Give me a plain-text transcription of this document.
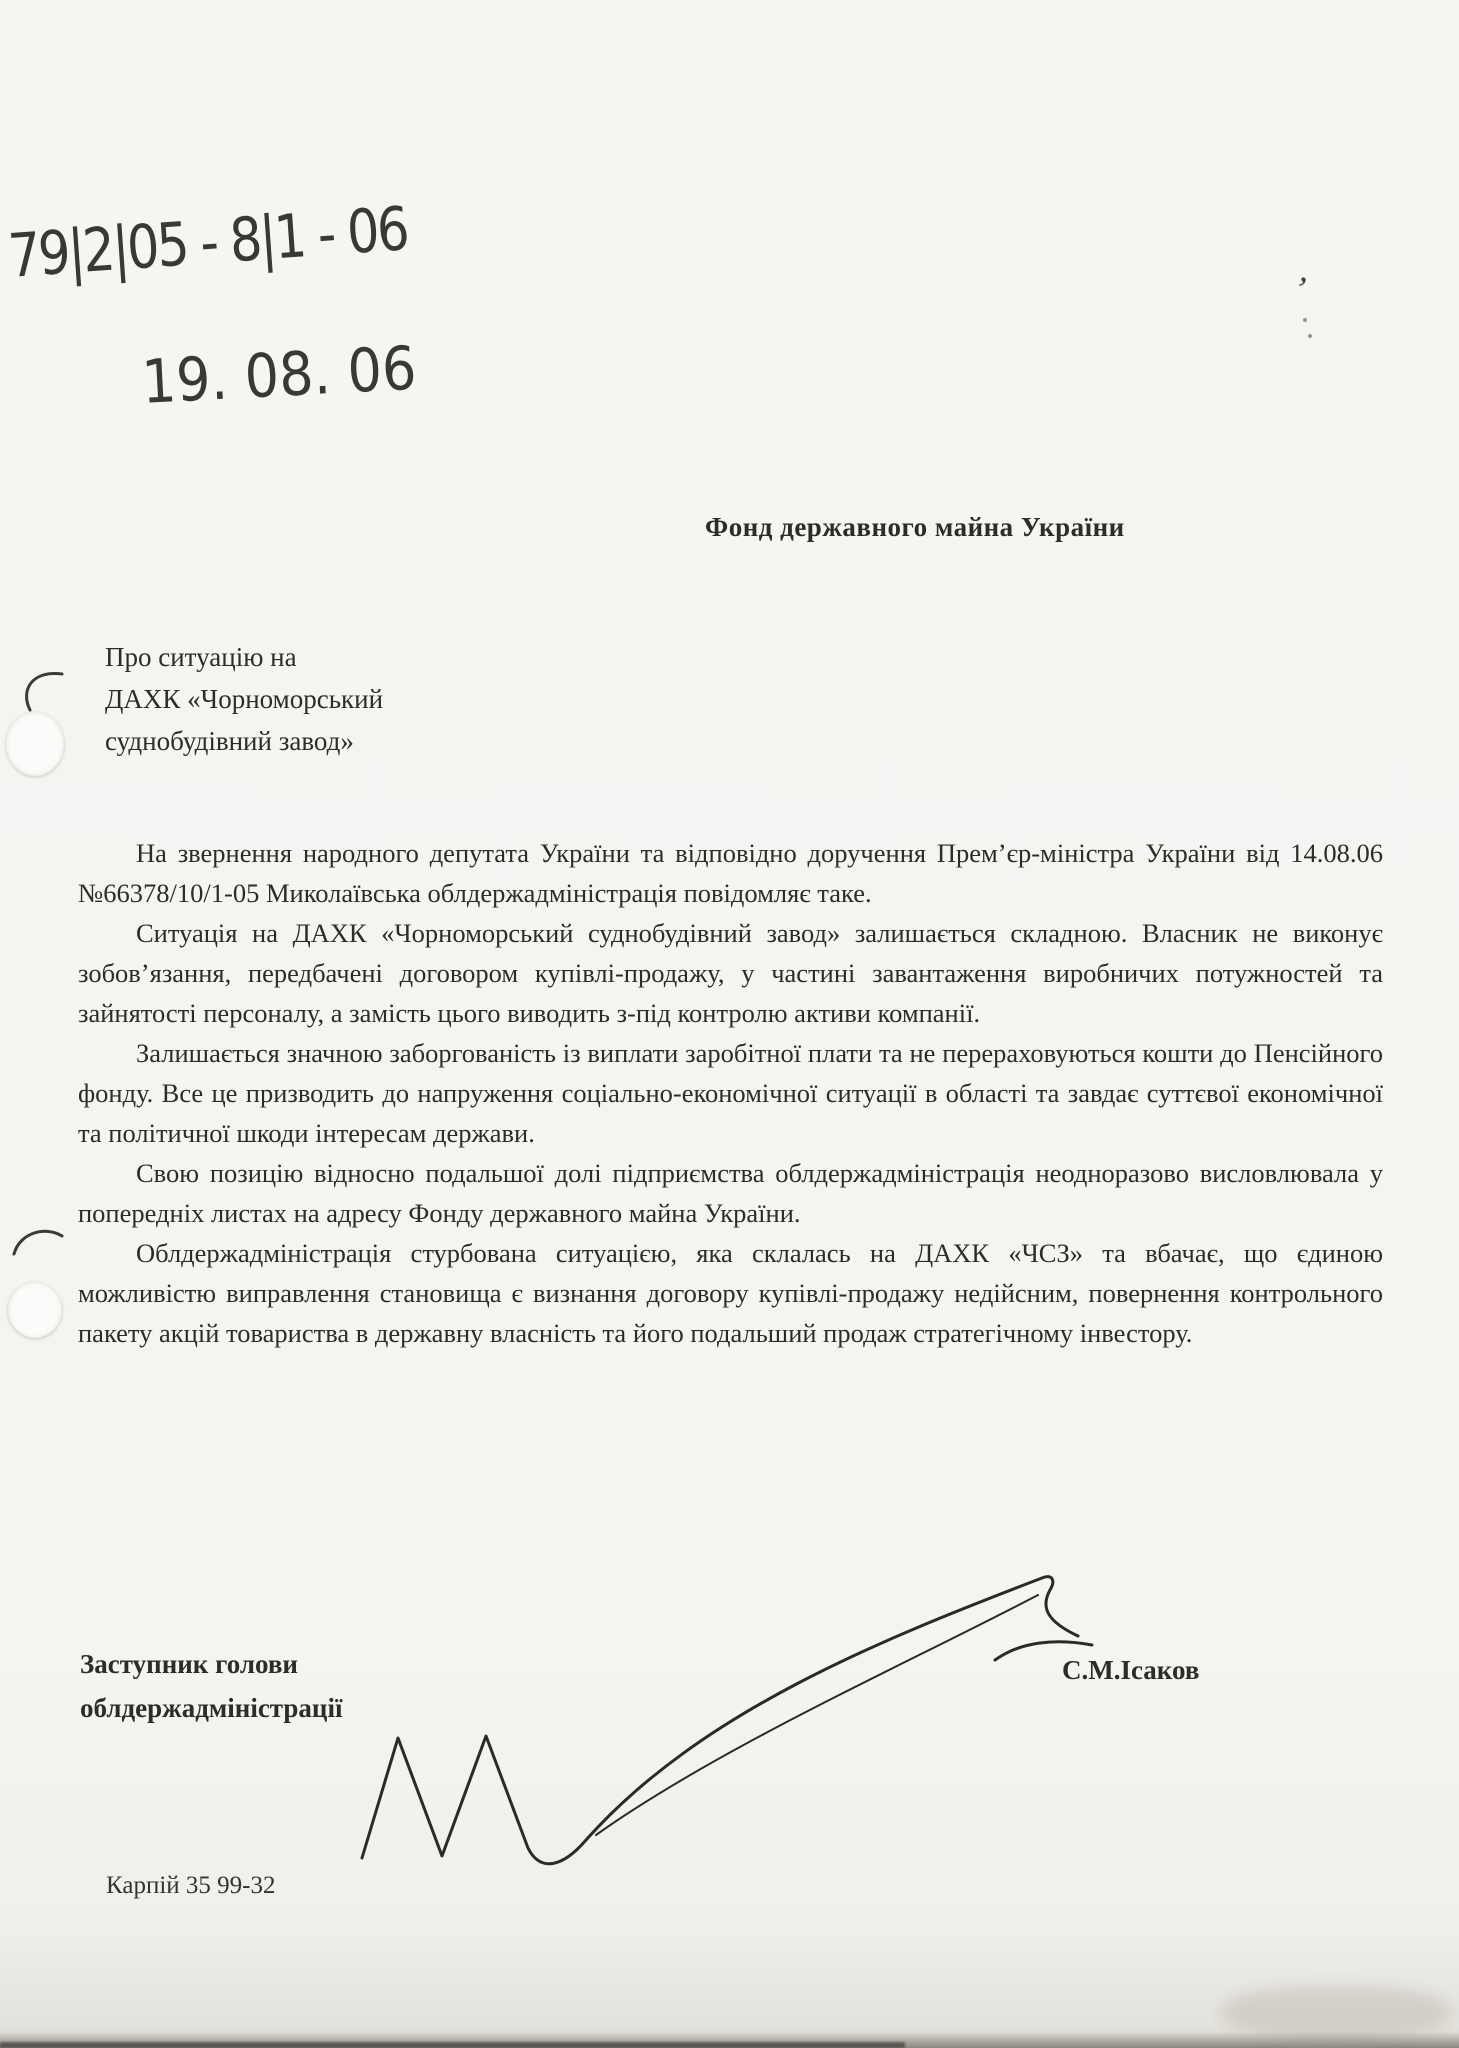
79|2|05 - 8|1 - 06
19. 08. 06
’
Фонд державного майна України
Про ситуацію на
ДАХК «Чорноморський
суднобудівний завод»

На звернення народного депутата України та відповідно доручення Прем’єр-міністра України від 14.08.06 №66378/10/1-05 Миколаївська облдержадміністрація повідомляє таке.

Ситуація на ДАХК «Чорноморський суднобудівний завод» залишається складною. Власник не виконує зобов’язання, передбачені договором купівлі-продажу, у частині завантаження виробничих потужностей та зайнятості персоналу, а замість цього виводить з-під контролю активи компанії.

Залишається значною заборгованість із виплати заробітної плати та не перераховуються кошти до Пенсійного фонду. Все це призводить до напруження соціально-економічної ситуації в області та завдає суттєвої економічної та політичної шкоди інтересам держави.

Свою позицію відносно подальшої долі підприємства облдержадміністрація неодноразово висловлювала у попередніх листах на адресу Фонду державного майна України.

Облдержадміністрація стурбована ситуацією, яка склалась на ДАХК «ЧСЗ» та вбачає, що єдиною можливістю виправлення становища є визнання договору купівлі-продажу недійсним, повернення контрольного пакету акцій товариства в державну власність та його подальший продаж стратегічному інвестору.

Заступник голови
облдержадміністрації
С.М.Ісаков
Карпій 35 99-32
